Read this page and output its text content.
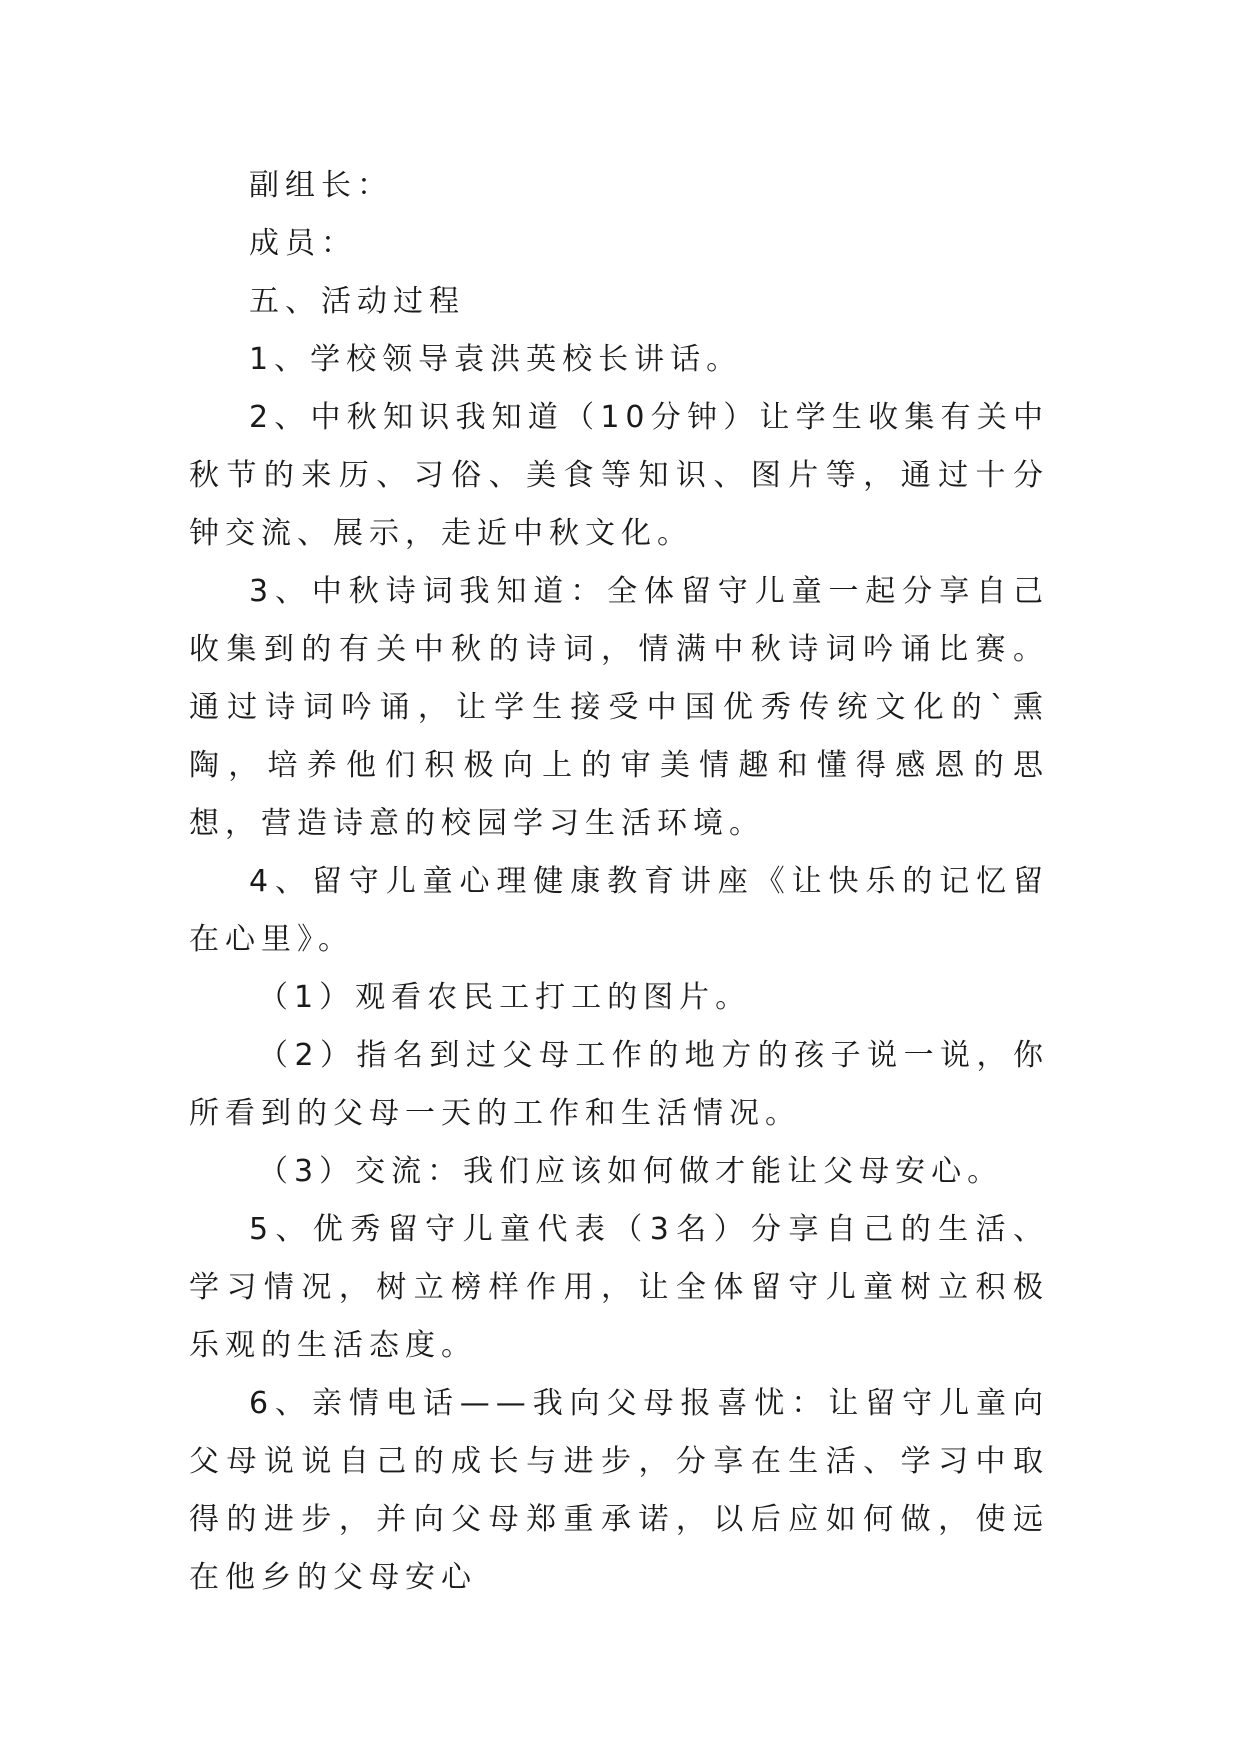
副组长：

成员：

五、活动过程

1、学校领导袁洪英校长讲话。

2、中秋知识我知道（10分钟）让学生收集有关中秋节的来历、习俗、美食等知识、图片等，通过十分钟交流、展示，走近中秋文化。

3、中秋诗词我知道：全体留守儿童一起分享自己收集到的有关中秋的诗词，情满中秋诗词吟诵比赛。通过诗词吟诵，让学生接受中国优秀传统文化的`熏陶，培养他们积极向上的审美情趣和懂得感恩的思想，营造诗意的校园学习生活环境。

4、留守儿童心理健康教育讲座《让快乐的记忆留在心里》。

（1）观看农民工打工的图片。

（2）指名到过父母工作的地方的孩子说一说，你所看到的父母一天的工作和生活情况。

（3）交流：我们应该如何做才能让父母安心。

5、优秀留守儿童代表（3名）分享自己的生活、学习情况，树立榜样作用，让全体留守儿童树立积极乐观的生活态度。

6、亲情电话——我向父母报喜忧：让留守儿童向父母说说自己的成长与进步，分享在生活、学习中取得的进步，并向父母郑重承诺，以后应如何做，使远在他乡的父母安心
